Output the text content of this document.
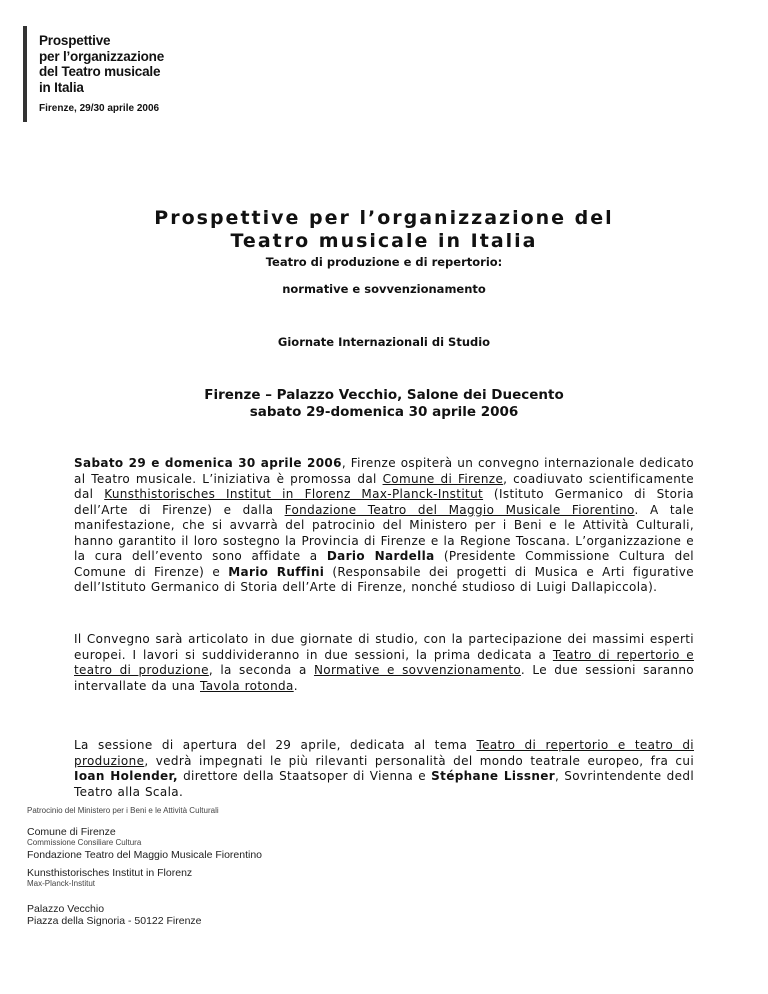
Prospettive
per l’organizzazione
del Teatro musicale
in Italia
Firenze, 29/30 aprile 2006
Prospettive per l’organizzazione del
Teatro musicale in Italia
Teatro di produzione e di repertorio:
normative e sovvenzionamento
Giornate Internazionali di Studio
Firenze – Palazzo Vecchio, Salone dei Duecento
sabato 29-domenica 30 aprile 2006
Sabato 29 e domenica 30 aprile 2006, Firenze ospiterà un convegno internazionale dedicato al Teatro musicale. L’iniziativa è promossa dal Comune di Firenze, coadiuvato scientificamente dal Kunsthistorisches Institut in Florenz Max-Planck-Institut (Istituto Germanico di Storia dell’Arte di Firenze) e dalla Fondazione Teatro del Maggio Musicale Fiorentino. A tale manifestazione, che si avvarrà del patrocinio del Ministero per i Beni e le Attività Culturali, hanno garantito il loro sostegno la Provincia di Firenze e la Regione Toscana. L’organizzazione e la cura dell’evento sono affidate a Dario Nardella (Presidente Commissione Cultura del Comune di Firenze) e Mario Ruffini (Responsabile dei progetti di Musica e Arti figurative dell’Istituto Germanico di Storia dell’Arte di Firenze, nonché studioso di Luigi Dallapiccola).
Il Convegno sarà articolato in due giornate di studio, con la partecipazione dei massimi esperti europei. I lavori si suddivideranno in due sessioni, la prima dedicata a Teatro di repertorio e teatro di produzione, la seconda a Normative e sovvenzionamento. Le due sessioni saranno intervallate da una Tavola rotonda.
La sessione di apertura del 29 aprile, dedicata al tema Teatro di repertorio e teatro di produzione, vedrà impegnati le più rilevanti personalità del mondo teatrale europeo, fra cui Ioan Holender, direttore della Staatsoper di Vienna e Stéphane Lissner, Sovrintendente dedl Teatro alla Scala.
Patrocinio del Ministero per i Beni e le Attività Culturali
Comune di Firenze
Commissione Consiliare Cultura
Fondazione Teatro del Maggio Musicale Fiorentino
Kunsthistorisches Institut in Florenz
Max-Planck-Institut
Palazzo Vecchio
Piazza della Signoria - 50122 Firenze
